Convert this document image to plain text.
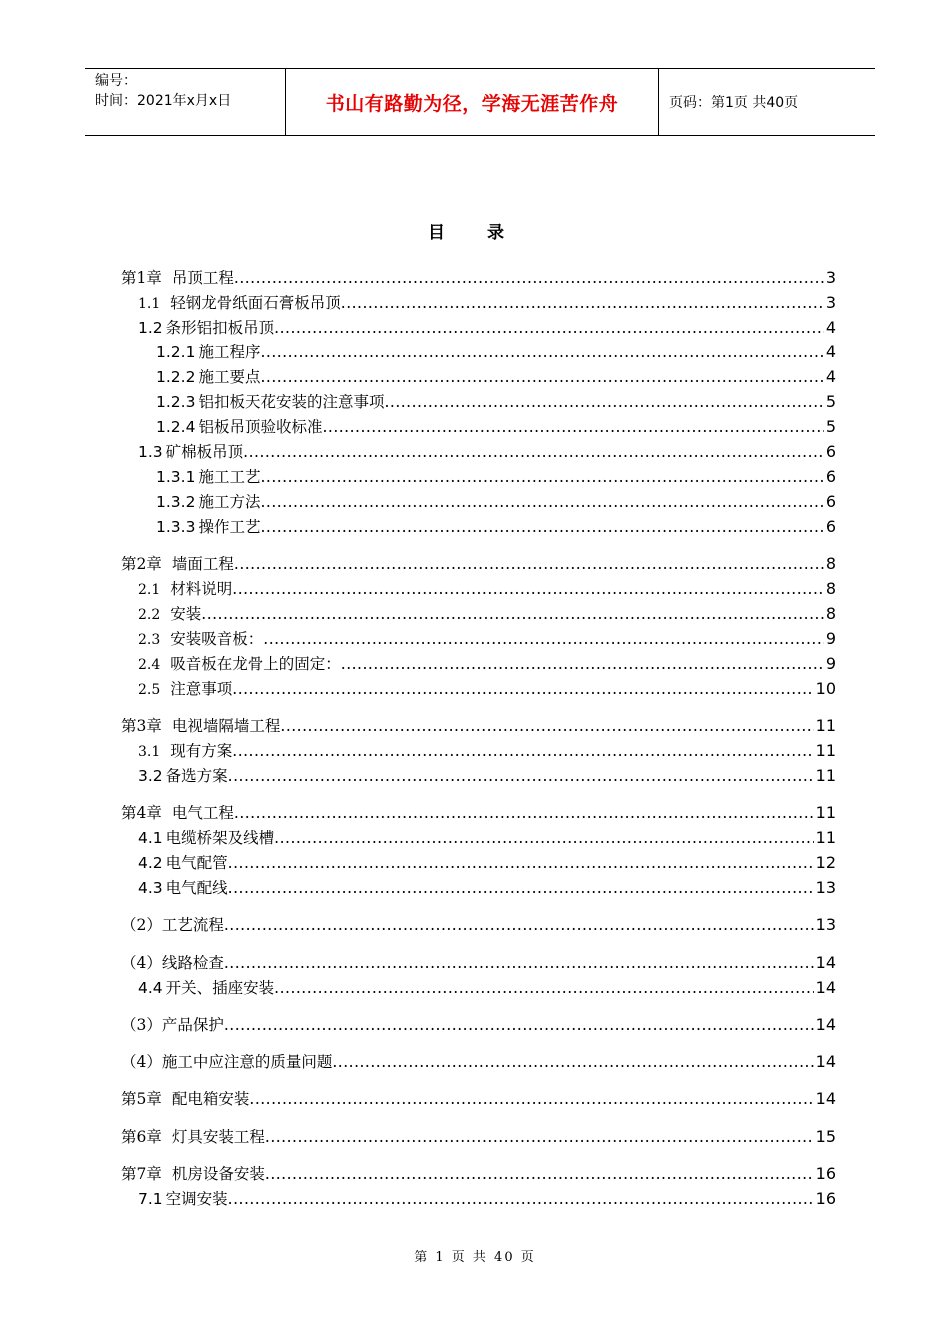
编号：
时间：2021年x月x日	书山有路勤为径，学海无涯苦作舟	页码：第1页 共40页
目 录
第1章 吊顶工程 .....	3
1.1 轻钢龙骨纸面石膏板吊顶 .....	3
1.2 条形铝扣板吊顶 .....	4
1.2.1 施工程序 .....	4
1.2.2 施工要点 .....	4
1.2.3 铝扣板天花安装的注意事项 .....	5
1.2.4 铝板吊顶验收标准 .....	5
1.3 矿棉板吊顶 .....	6
1.3.1 施工工艺 .....	6
1.3.2 施工方法 .....	6
1.3.3 操作工艺 .....	6
第2章 墙面工程 .....	8
2.1 材料说明 .....	8
2.2 安装 .....	8
2.3 安装吸音板： .....	9
2.4 吸音板在龙骨上的固定： .....	9
2.5 注意事项 .....	10
第3章 电视墙隔墙工程 .....	11
3.1 现有方案 .....	11
3.2 备选方案 .....	11
第4章 电气工程 .....	11
4.1 电缆桥架及线槽 .....	11
4.2 电气配管 .....	12
4.3 电气配线 .....	13
（2）工艺流程 .....	13
（4）线路检查 .....	14
4.4 开关、插座安装 .....	14
（3）产品保护 .....	14
（4）施工中应注意的质量问题 .....	14
第5章 配电箱安装 .....	14
第6章 灯具安装工程 .....	15
第7章 机房设备安装 .....	16
7.1 空调安装 .....	16
第 1 页 共 40 页
